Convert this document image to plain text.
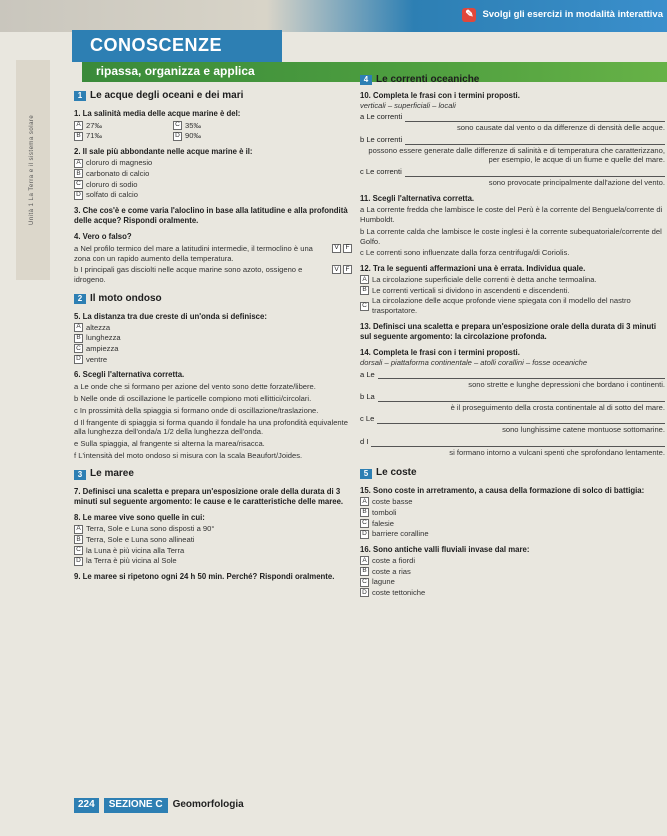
✎ Svolgi gli esercizi in modalità interattiva
CONOSCENZE
ripassa, organizza e applica
Unità 1 La Terra e il sistema solare
1 Le acque degli oceani e dei mari
1. La salinità media delle acque marine è del:
A 27‰	C 35‰
B 71‰	D 90‰
2. Il sale più abbondante nelle acque marine è il:
A cloruro di magnesio
B carbonato di calcio
C cloruro di sodio
D solfato di calcio
3. Che cos'è e come varia l'aloclino in base alla latitudine e alla profondità delle acque? Rispondi oralmente.
4. Vero o falso?
a Nel profilo termico del mare a latitudini intermedie, il termoclino è una zona con un rapido aumento della temperatura.
V	F
b I principali gas disciolti nelle acque marine sono azoto, ossigeno e idrogeno.
V	F
2 Il moto ondoso
5. La distanza tra due creste di un'onda si definisce:
A altezza
B lunghezza
C ampiezza
D ventre
6. Scegli l'alternativa corretta.
a Le onde che si formano per azione del vento sono dette forzate/libere.
b Nelle onde di oscillazione le particelle compiono moti ellittici/circolari.
c In prossimità della spiaggia si formano onde di oscillazione/traslazione.
d Il frangente di spiaggia si forma quando il fondale ha una profondità equivalente alla lunghezza dell'onda/a 1/2 della lunghezza dell'onda.
e Sulla spiaggia, al frangente si alterna la marea/risacca.
f L'intensità del moto ondoso si misura con la scala Beaufort/Joides.
3 Le maree
7. Definisci una scaletta e prepara un'esposizione orale della durata di 3 minuti sul seguente argomento: le cause e le caratteristiche delle maree.
8. Le maree vive sono quelle in cui:
A Terra, Sole e Luna sono disposti a 90°
B Terra, Sole e Luna sono allineati
C la Luna è più vicina alla Terra
D la Terra è più vicina al Sole
9. Le maree si ripetono ogni 24 h 50 min. Perché? Rispondi oralmente.
4 Le correnti oceaniche
10. Completa le frasi con i termini proposti.
verticali – superficiali – locali
a Le correnti
sono causate dal vento o da differenze di densità delle acque.
b Le correnti
possono essere generate dalle differenze di salinità e di temperatura che caratterizzano, per esempio, le acque di un fiume e quelle del mare.
c Le correnti
sono provocate principalmente dall'azione del vento.
11. Scegli l'alternativa corretta.
a La corrente fredda che lambisce le coste del Perù è la corrente del Benguela/corrente di Humboldt.
b La corrente calda che lambisce le coste inglesi è la corrente subequatoriale/corrente del Golfo.
c Le correnti sono influenzate dalla forza centrifuga/di Coriolis.
12. Tra le seguenti affermazioni una è errata. Individua quale.
A La circolazione superficiale delle correnti è detta anche termoalina.
B Le correnti verticali si dividono in ascendenti e discendenti.
C
La circolazione delle acque profonde viene spiegata con il modello del nastro trasportatore.
13. Definisci una scaletta e prepara un'esposizione orale della durata di 3 minuti sul seguente argomento: la circolazione profonda.
14. Completa le frasi con i termini proposti.
dorsali – piattaforma continentale – atolli corallini – fosse oceaniche
a Le
sono strette e lunghe depressioni che bordano i continenti.
b La
è il proseguimento della crosta continentale al di sotto del mare.
c Le
sono lunghissime catene montuose sottomarine.
d I
si formano intorno a vulcani spenti che sprofondano lentamente.
5 Le coste
15. Sono coste in arretramento, a causa della formazione di solco di battigia:
A coste basse
B tomboli
C falesie
D barriere coralline
16. Sono antiche valli fluviali invase dal mare:
A coste a fiordi
B coste a rias
C lagune
D coste tettoniche
224	SEZIONE C	Geomorfologia
